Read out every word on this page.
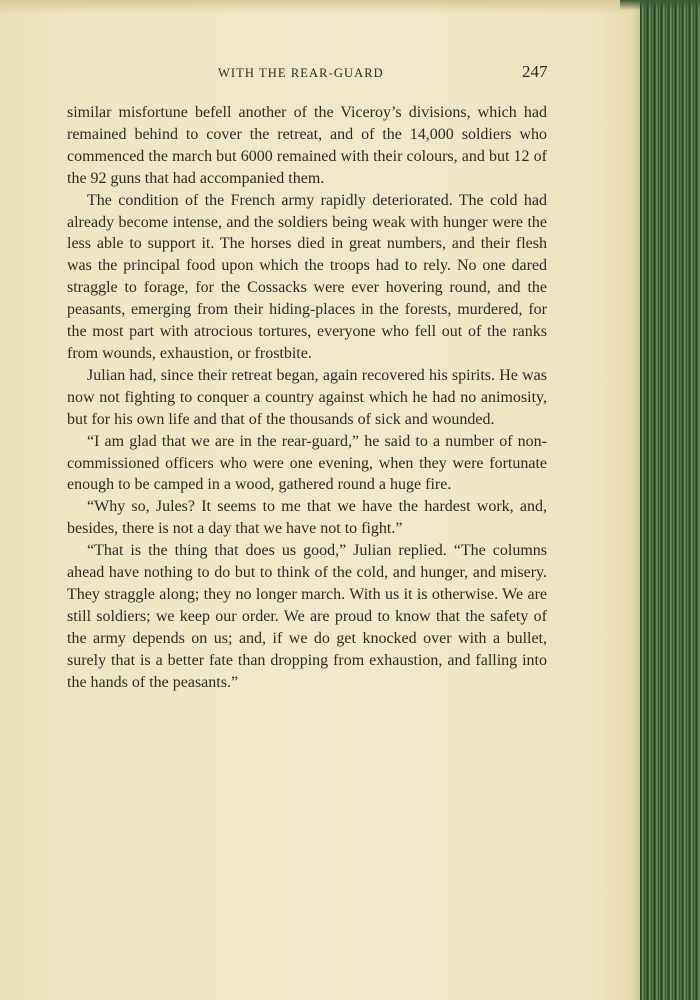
WITH THE REAR-GUARD	247

similar misfortune befell another of the Viceroy’s divisions, which had remained behind to cover the retreat, and of the 14,000 soldiers who commenced the march but 6000 remained with their colours, and but 12 of the 92 guns that had accompanied them.

The condition of the French army rapidly deteriorated. The cold had already become intense, and the soldiers being weak with hunger were the less able to support it. The horses died in great numbers, and their flesh was the principal food upon which the troops had to rely. No one dared straggle to forage, for the Cossacks were ever hovering round, and the peasants, emerging from their hiding-places in the forests, murdered, for the most part with atrocious tortures, everyone who fell out of the ranks from wounds, exhaustion, or frostbite.

Julian had, since their retreat began, again recovered his spirits. He was now not fighting to conquer a country against which he had no animosity, but for his own life and that of the thousands of sick and wounded.

“I am glad that we are in the rear-guard,” he said to a number of non-commissioned officers who were one evening, when they were fortunate enough to be camped in a wood, gathered round a huge fire.

“Why so, Jules? It seems to me that we have the hardest work, and, besides, there is not a day that we have not to fight.”

“That is the thing that does us good,” Julian replied. “The columns ahead have nothing to do but to think of the cold, and hunger, and misery. They straggle along; they no longer march. With us it is otherwise. We are still soldiers; we keep our order. We are proud to know that the safety of the army depends on us; and, if we do get knocked over with a bullet, surely that is a better fate than dropping from exhaustion, and falling into the hands of the peasants.”
